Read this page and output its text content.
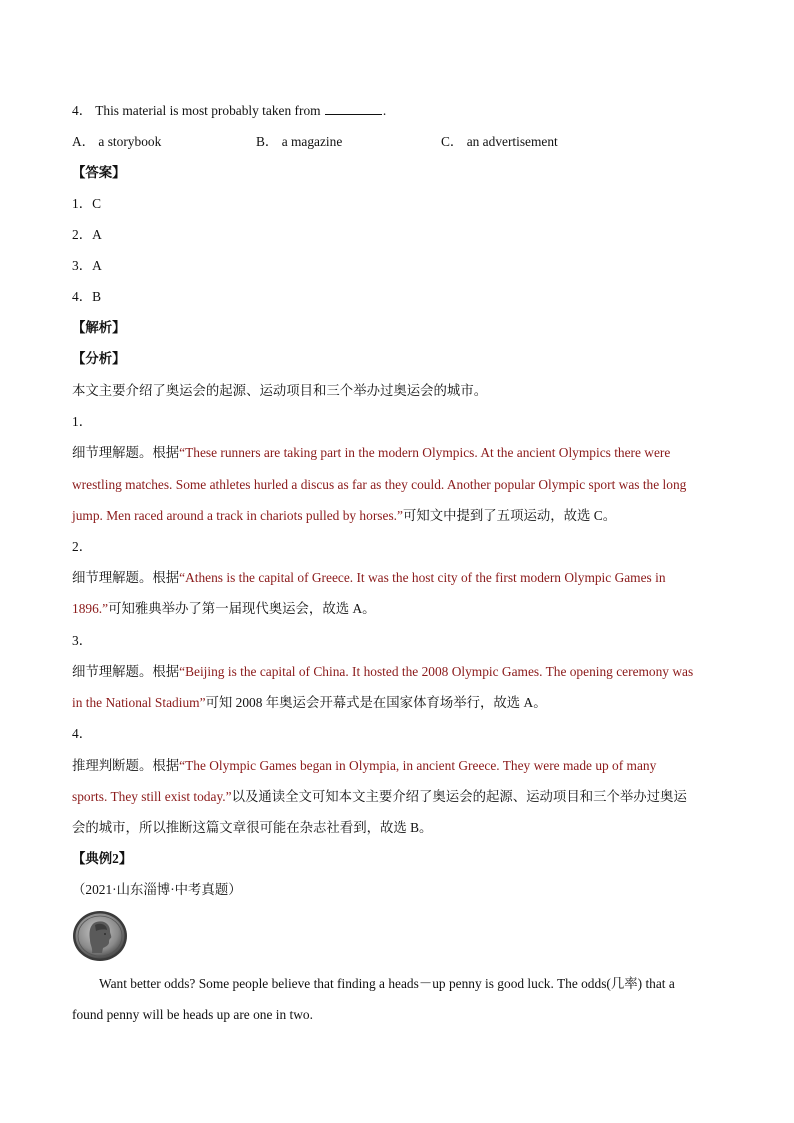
4． This material is most probably taken from	.
A． a storybook	B． a magazine	C． an advertisement
【答案】
1．C
2．A
3．A
4．B
【解析】
【分析】
本文主要介绍了奥运会的起源、运动项目和三个举办过奥运会的城市。
1．
细节理解题。根据“These runners are taking part in the modern Olympics. At the ancient Olympics there were
wrestling matches. Some athletes hurled a discus as far as they could. Another popular Olympic sport was the long
jump. Men raced around a track in chariots pulled by horses.”可知文中提到了五项运动，故选 C。
2．
细节理解题。根据“Athens is the capital of Greece. It was the host city of the first modern Olympic Games in
1896.”可知雅典举办了第一届现代奥运会，故选 A。
3．
细节理解题。根据“Beijing is the capital of China. It hosted the 2008 Olympic Games. The opening ceremony was
in the National Stadium”可知 2008 年奥运会开幕式是在国家体育场举行，故选 A。
4．
推理判断题。根据“The Olympic Games began in Olympia, in ancient Greece. They were made up of many
sports. They still exist today.”以及通读全文可知本文主要介绍了奥运会的起源、运动项目和三个举办过奥运
会的城市，所以推断这篇文章很可能在杂志社看到，故选 B。
【典例2】
（2021·山东淄博·中考真题）
Want better odds? Some people believe that finding a heads－up penny is good luck. The odds(几率) that a
found penny will be heads up are one in two.
